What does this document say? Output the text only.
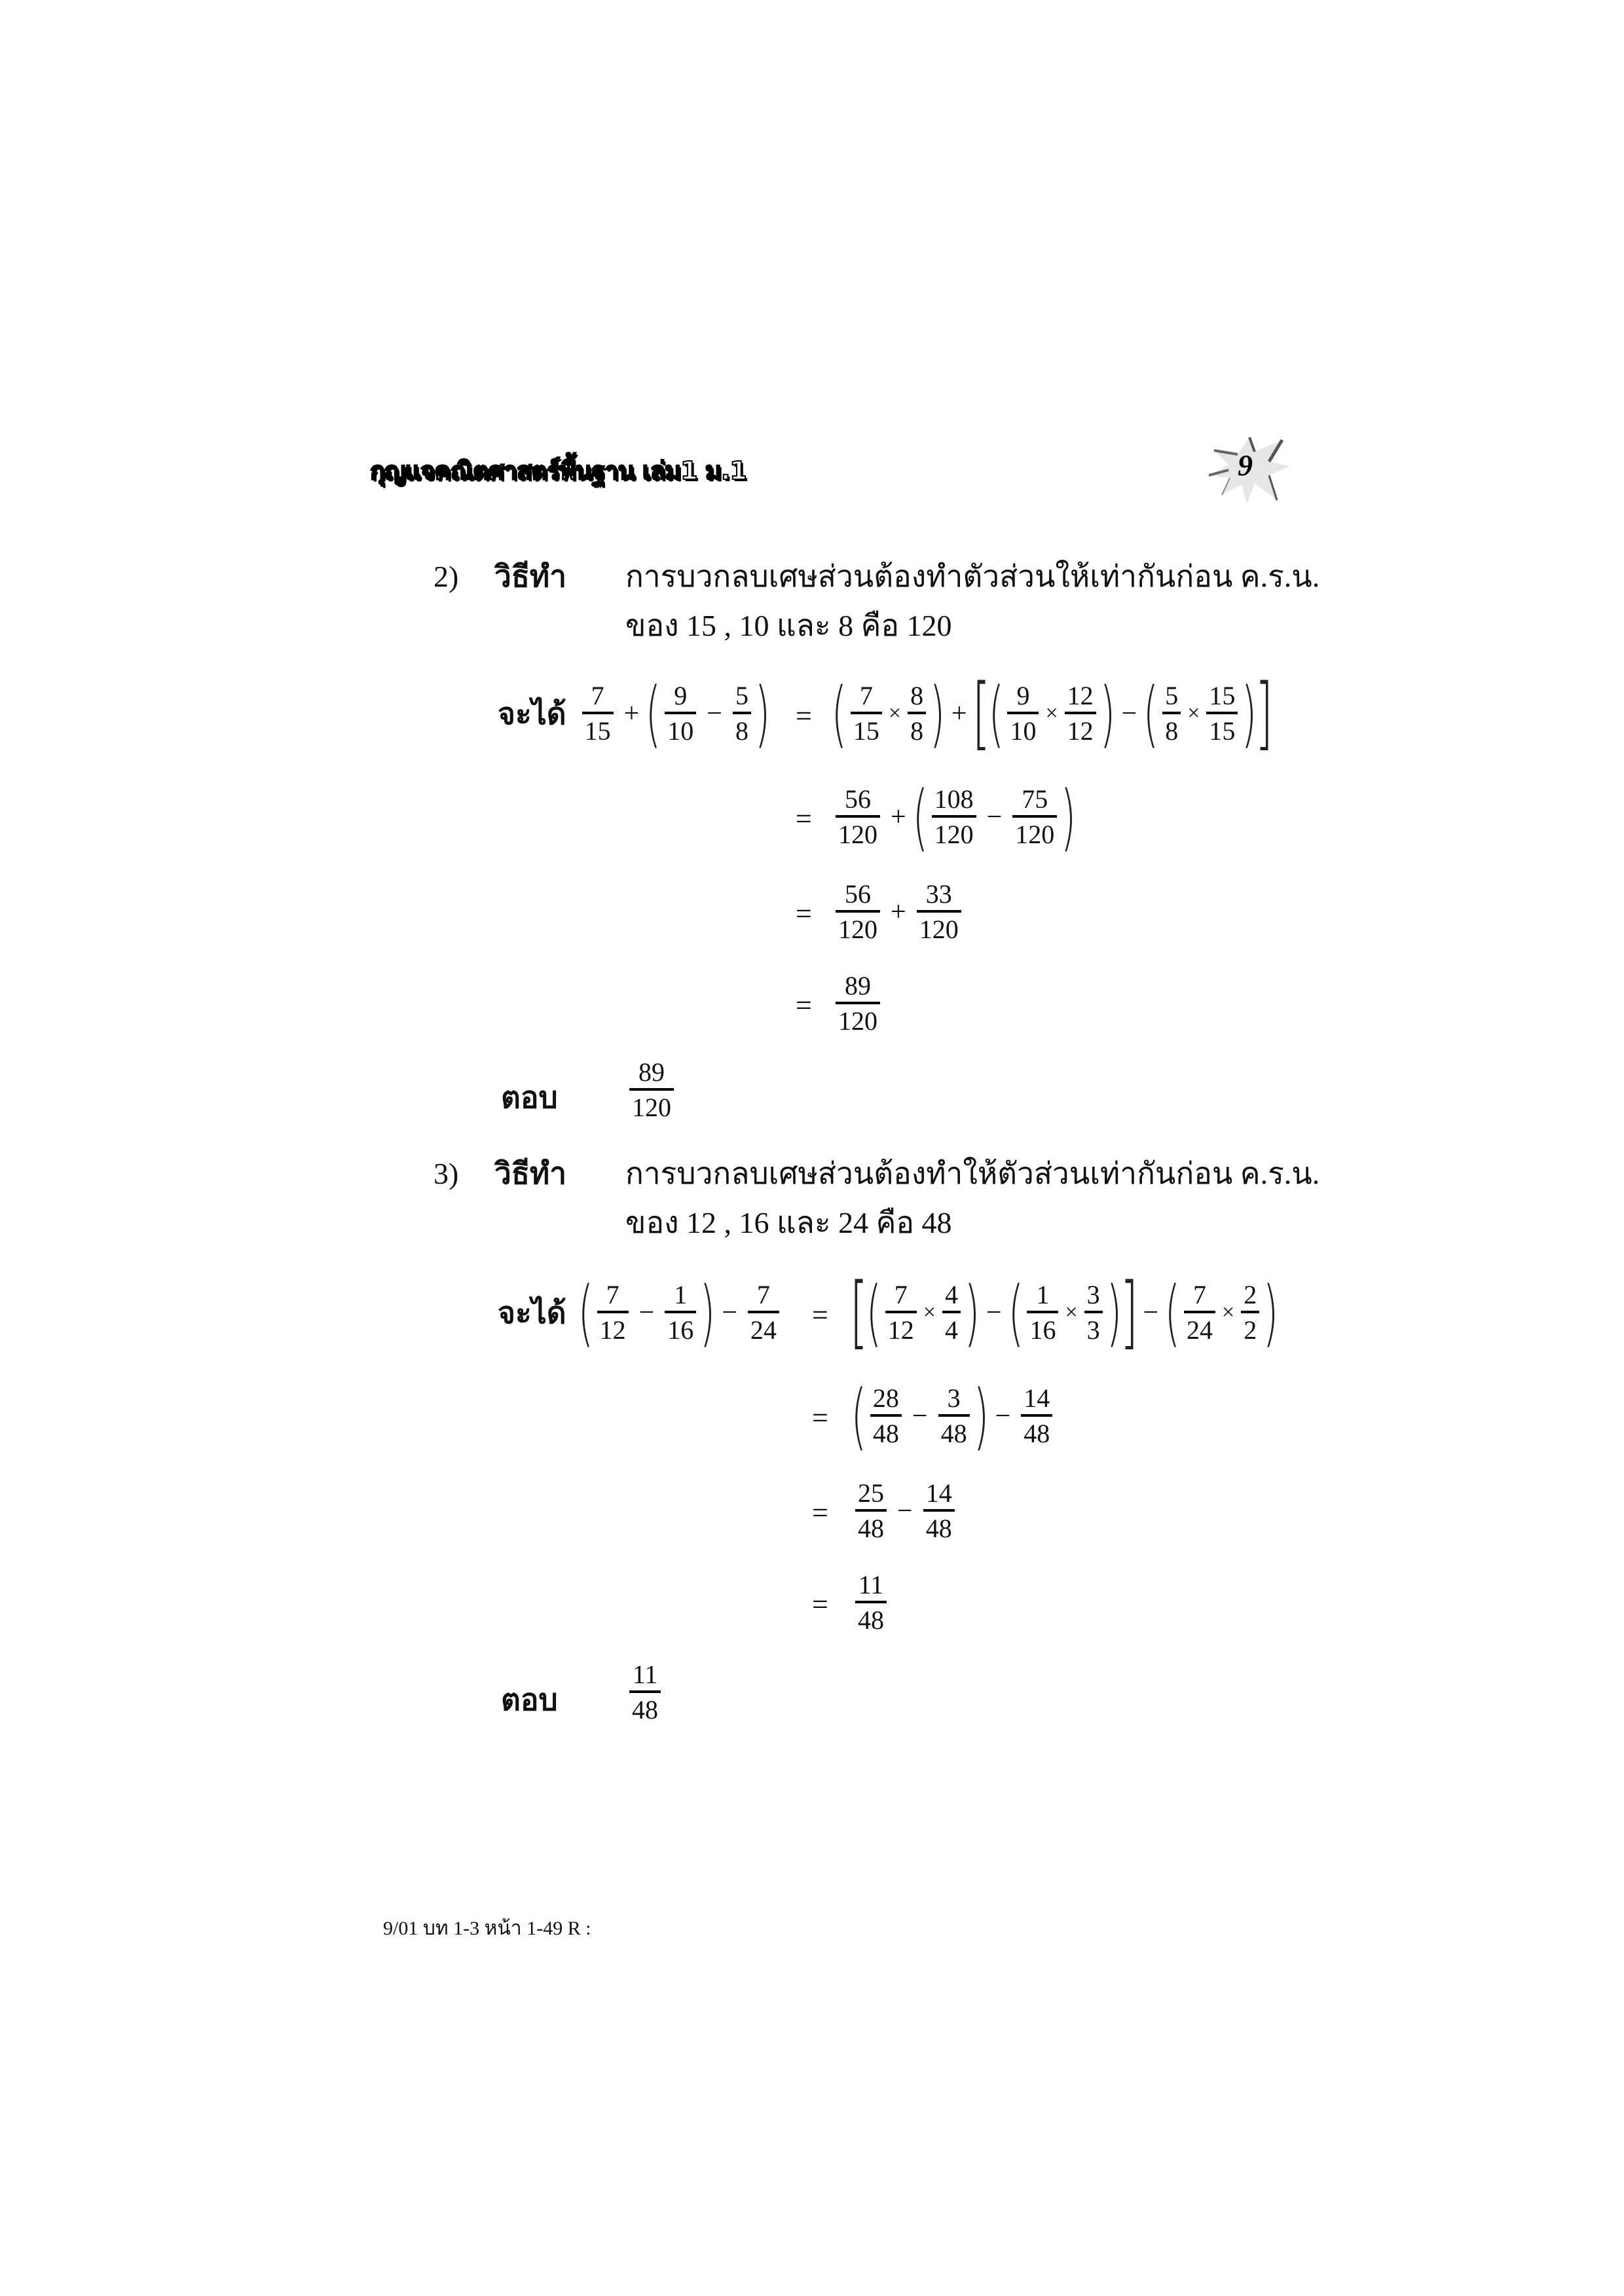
กุญแจคณิตศาสตร์พื้นฐาน เล่ม1 ม.1	9
2) วิธีทำ การบวกลบเศษส่วนต้องทำตัวส่วนให้เท่ากันก่อน ค.ร.น.
ของ 15 , 10 และ 8 คือ 120
จะได้ $\frac{7}{15}$ + ( $\frac{9}{10} - \frac{5}{8}$ ) = ( $\frac{7}{15} \times \frac{8}{8}$ ) + [
( $\frac{9}{10} \times \frac{12}{12}$ ) − ( $\frac{5}{8} \times \frac{15}{15}$ )
]
= $\frac{56}{120}$ + ( $\frac{108}{120} - \frac{75}{120}$ )
= $\frac{56}{120} + \frac{33}{120}$
= $\frac{89}{120}$
ตอบ	$\frac{89}{120}$
3) วิธีทำ การบวกลบเศษส่วนต้องทำให้ตัวส่วนเท่ากันก่อน ค.ร.น.
ของ 12 , 16 และ 24 คือ 48
จะได้ ( $\frac{7}{12} - \frac{1}{16}$ ) − $\frac{7}{24}$ = [
( $\frac{7}{12} \times \frac{4}{4}$ ) − ( $\frac{1}{16} \times \frac{3}{3}$ )
] − ( $\frac{7}{24} \times \frac{2}{2}$ )
= ( $\frac{28}{48} - \frac{3}{48}$ ) − $\frac{14}{48}$
= $\frac{25}{48} - \frac{14}{48}$
= $\frac{11}{48}$
ตอบ	$\frac{11}{48}$
9/01 บท 1-3 หน้า 1-49 R :
